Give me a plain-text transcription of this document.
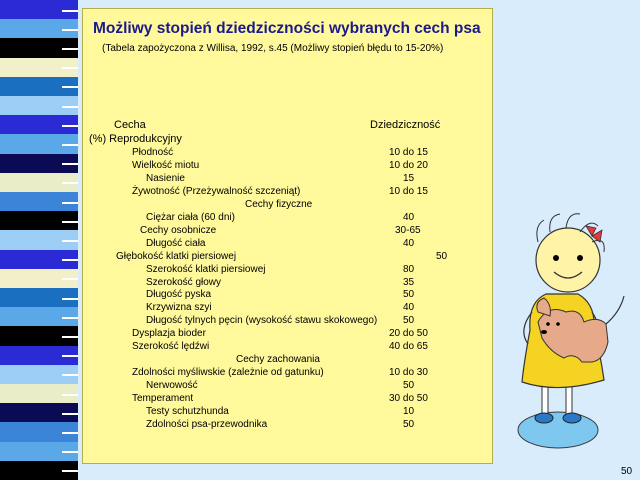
Możliwy stopień dziedziczności wybranych cech psa
(Tabela zapożyczona z Willisa, 1992, s.45 (Możliwy stopień błędu to 15-20%)
Cecha	Dziedziczność
(%) Reprodukcyjny
Płodność	10 do 15
Wielkość miotu	10 do 20
Nasienie	15
Żywotność (Przeżywalność szczeniąt)	10 do 15
Cechy fizyczne
Ciężar ciała (60 dni)	40
Cechy osobnicze	30-65
Długość ciała	40
Głębokość klatki piersiowej	50
Szerokość klatki piersiowej	80
Szerokość głowy	35
Długość pyska	50
Krzywizna szyi	40
Długość tylnych pęcin (wysokość stawu skokowego)	50
Dysplazja bioder	20 do 50
Szerokość lędźwi	40 do 65
Cechy zachowania
Zdolności myśliwskie (zależnie od gatunku)	10 do 30
Nerwowość	50
Temperament	30 do 50
Testy schutzhunda	10
Zdolności psa-przewodnika	50
50
